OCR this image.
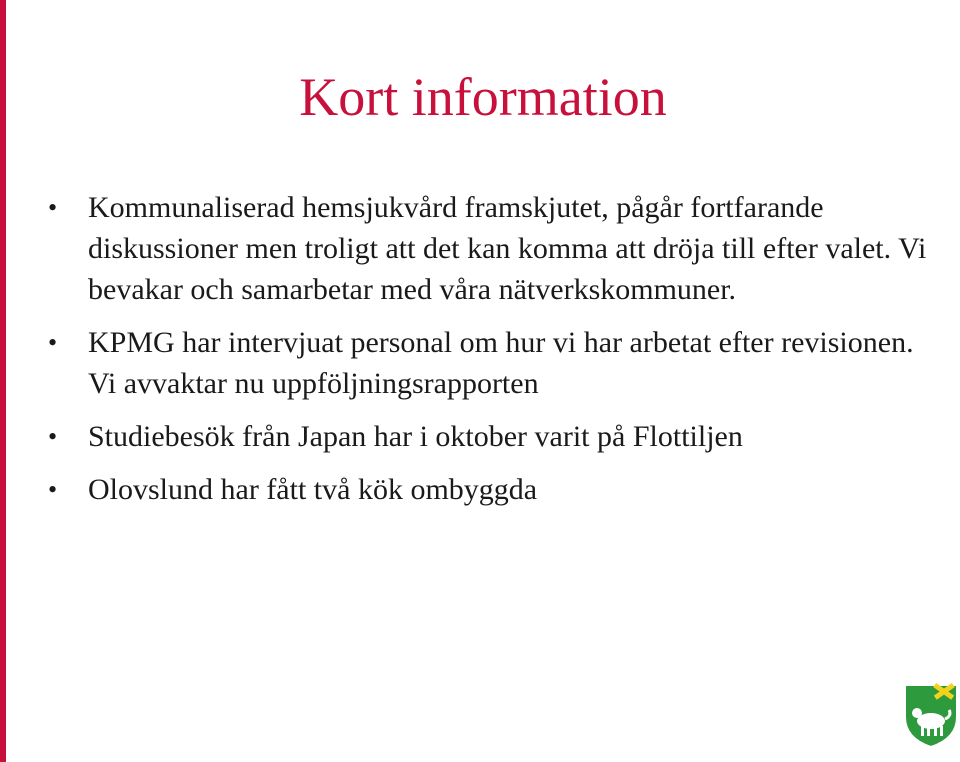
Kort information
•	Kommunaliserad hemsjukvård framskjutet, pågår fortfarande diskussioner men troligt att det kan komma att dröja till efter valet. Vi bevakar och samarbetar med våra nätverkskommuner.
•	KPMG har intervjuat personal om hur vi har arbetat efter revisionen. Vi avvaktar nu uppföljningsrapporten
•	Studiebesök från Japan har i oktober varit på Flottiljen
•	Olovslund har fått två kök ombyggda
